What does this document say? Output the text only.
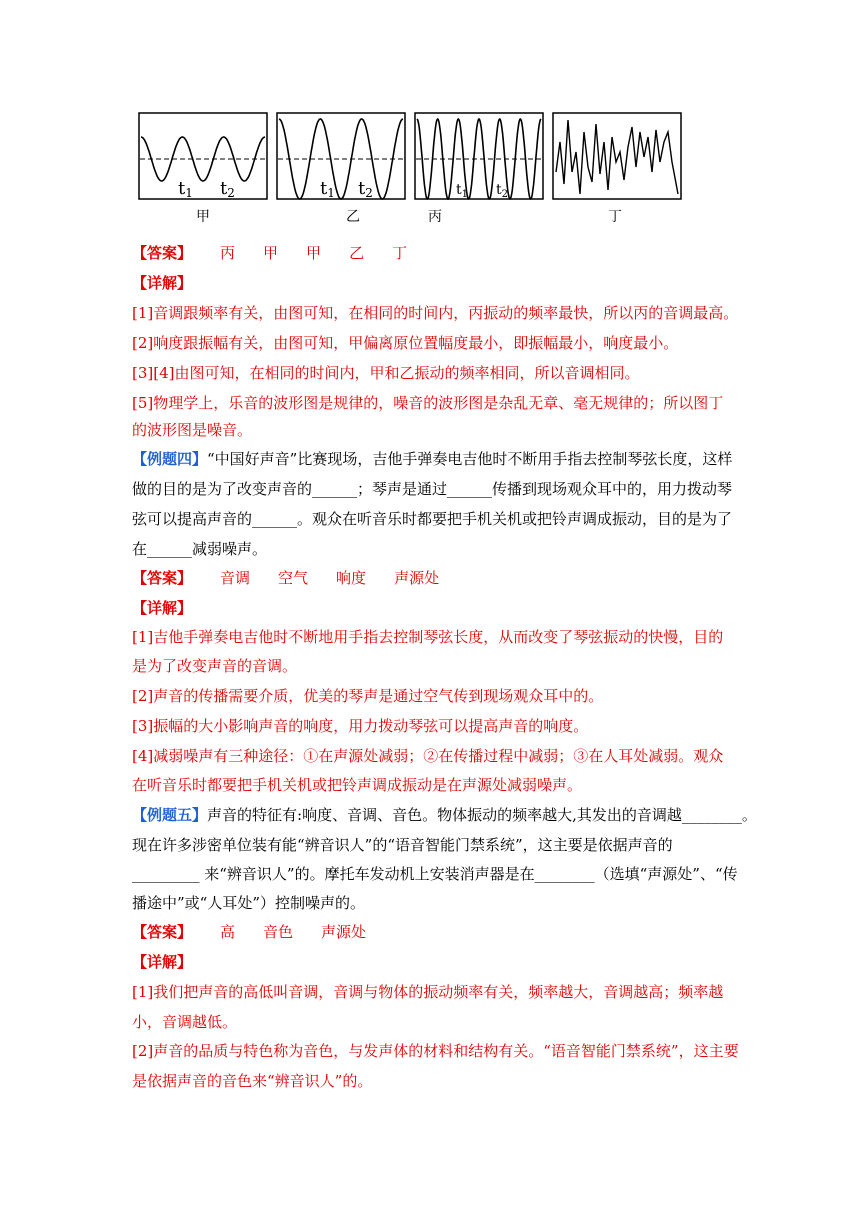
t1 t2
甲
t1 t2
乙
$t_1$ $t_2$
丙	丁
【答案】 丙 甲 甲 乙 丁
【详解】
[1]音调跟频率有关，由图可知，在相同的时间内，丙振动的频率最快，所以丙的音调最高。
[2]响度跟振幅有关，由图可知，甲偏离原位置幅度最小，即振幅最小，响度最小。
[3][4]由图可知，在相同的时间内，甲和乙振动的频率相同，所以音调相同。
[5]物理学上，乐音的波形图是规律的，噪音的波形图是杂乱无章、毫无规律的；所以图丁
的波形图是噪音。
【例题四】“中国好声音”比赛现场，吉他手弹奏电吉他时不断用手指去控制琴弦长度，这样
做的目的是为了改变声音的______；琴声是通过______传播到现场观众耳中的，用力拨动琴
弦可以提高声音的______。观众在听音乐时都要把手机关机或把铃声调成振动，目的是为了
在______减弱噪声。
【答案】 音调 空气 响度 声源处
【详解】
[1]吉他手弹奏电吉他时不断地用手指去控制琴弦长度，从而改变了琴弦振动的快慢，目的
是为了改变声音的音调。
[2]声音的传播需要介质，优美的琴声是通过空气传到现场观众耳中的。
[3]振幅的大小影响声音的响度，用力拨动琴弦可以提高声音的响度。
[4]减弱噪声有三种途径：①在声源处减弱；②在传播过程中减弱；③在人耳处减弱。观众
在听音乐时都要把手机关机或把铃声调成振动是在声源处减弱噪声。
【例题五】声音的特征有:响度、音调、音色。物体振动的频率越大,其发出的音调越________。
现在许多涉密单位装有能“辨音识人”的“语音智能门禁系统”，这主要是依据声音的
_________ 来“辨音识人”的。摩托车发动机上安装消声器是在________（选填“声源处”、“传
播途中”或“人耳处”）控制噪声的。
【答案】 高 音色 声源处
【详解】
[1]我们把声音的高低叫音调，音调与物体的振动频率有关，频率越大，音调越高；频率越
小，音调越低。
[2]声音的品质与特色称为音色，与发声体的材料和结构有关。“语音智能门禁系统”，这主要
是依据声音的音色来“辨音识人”的。
